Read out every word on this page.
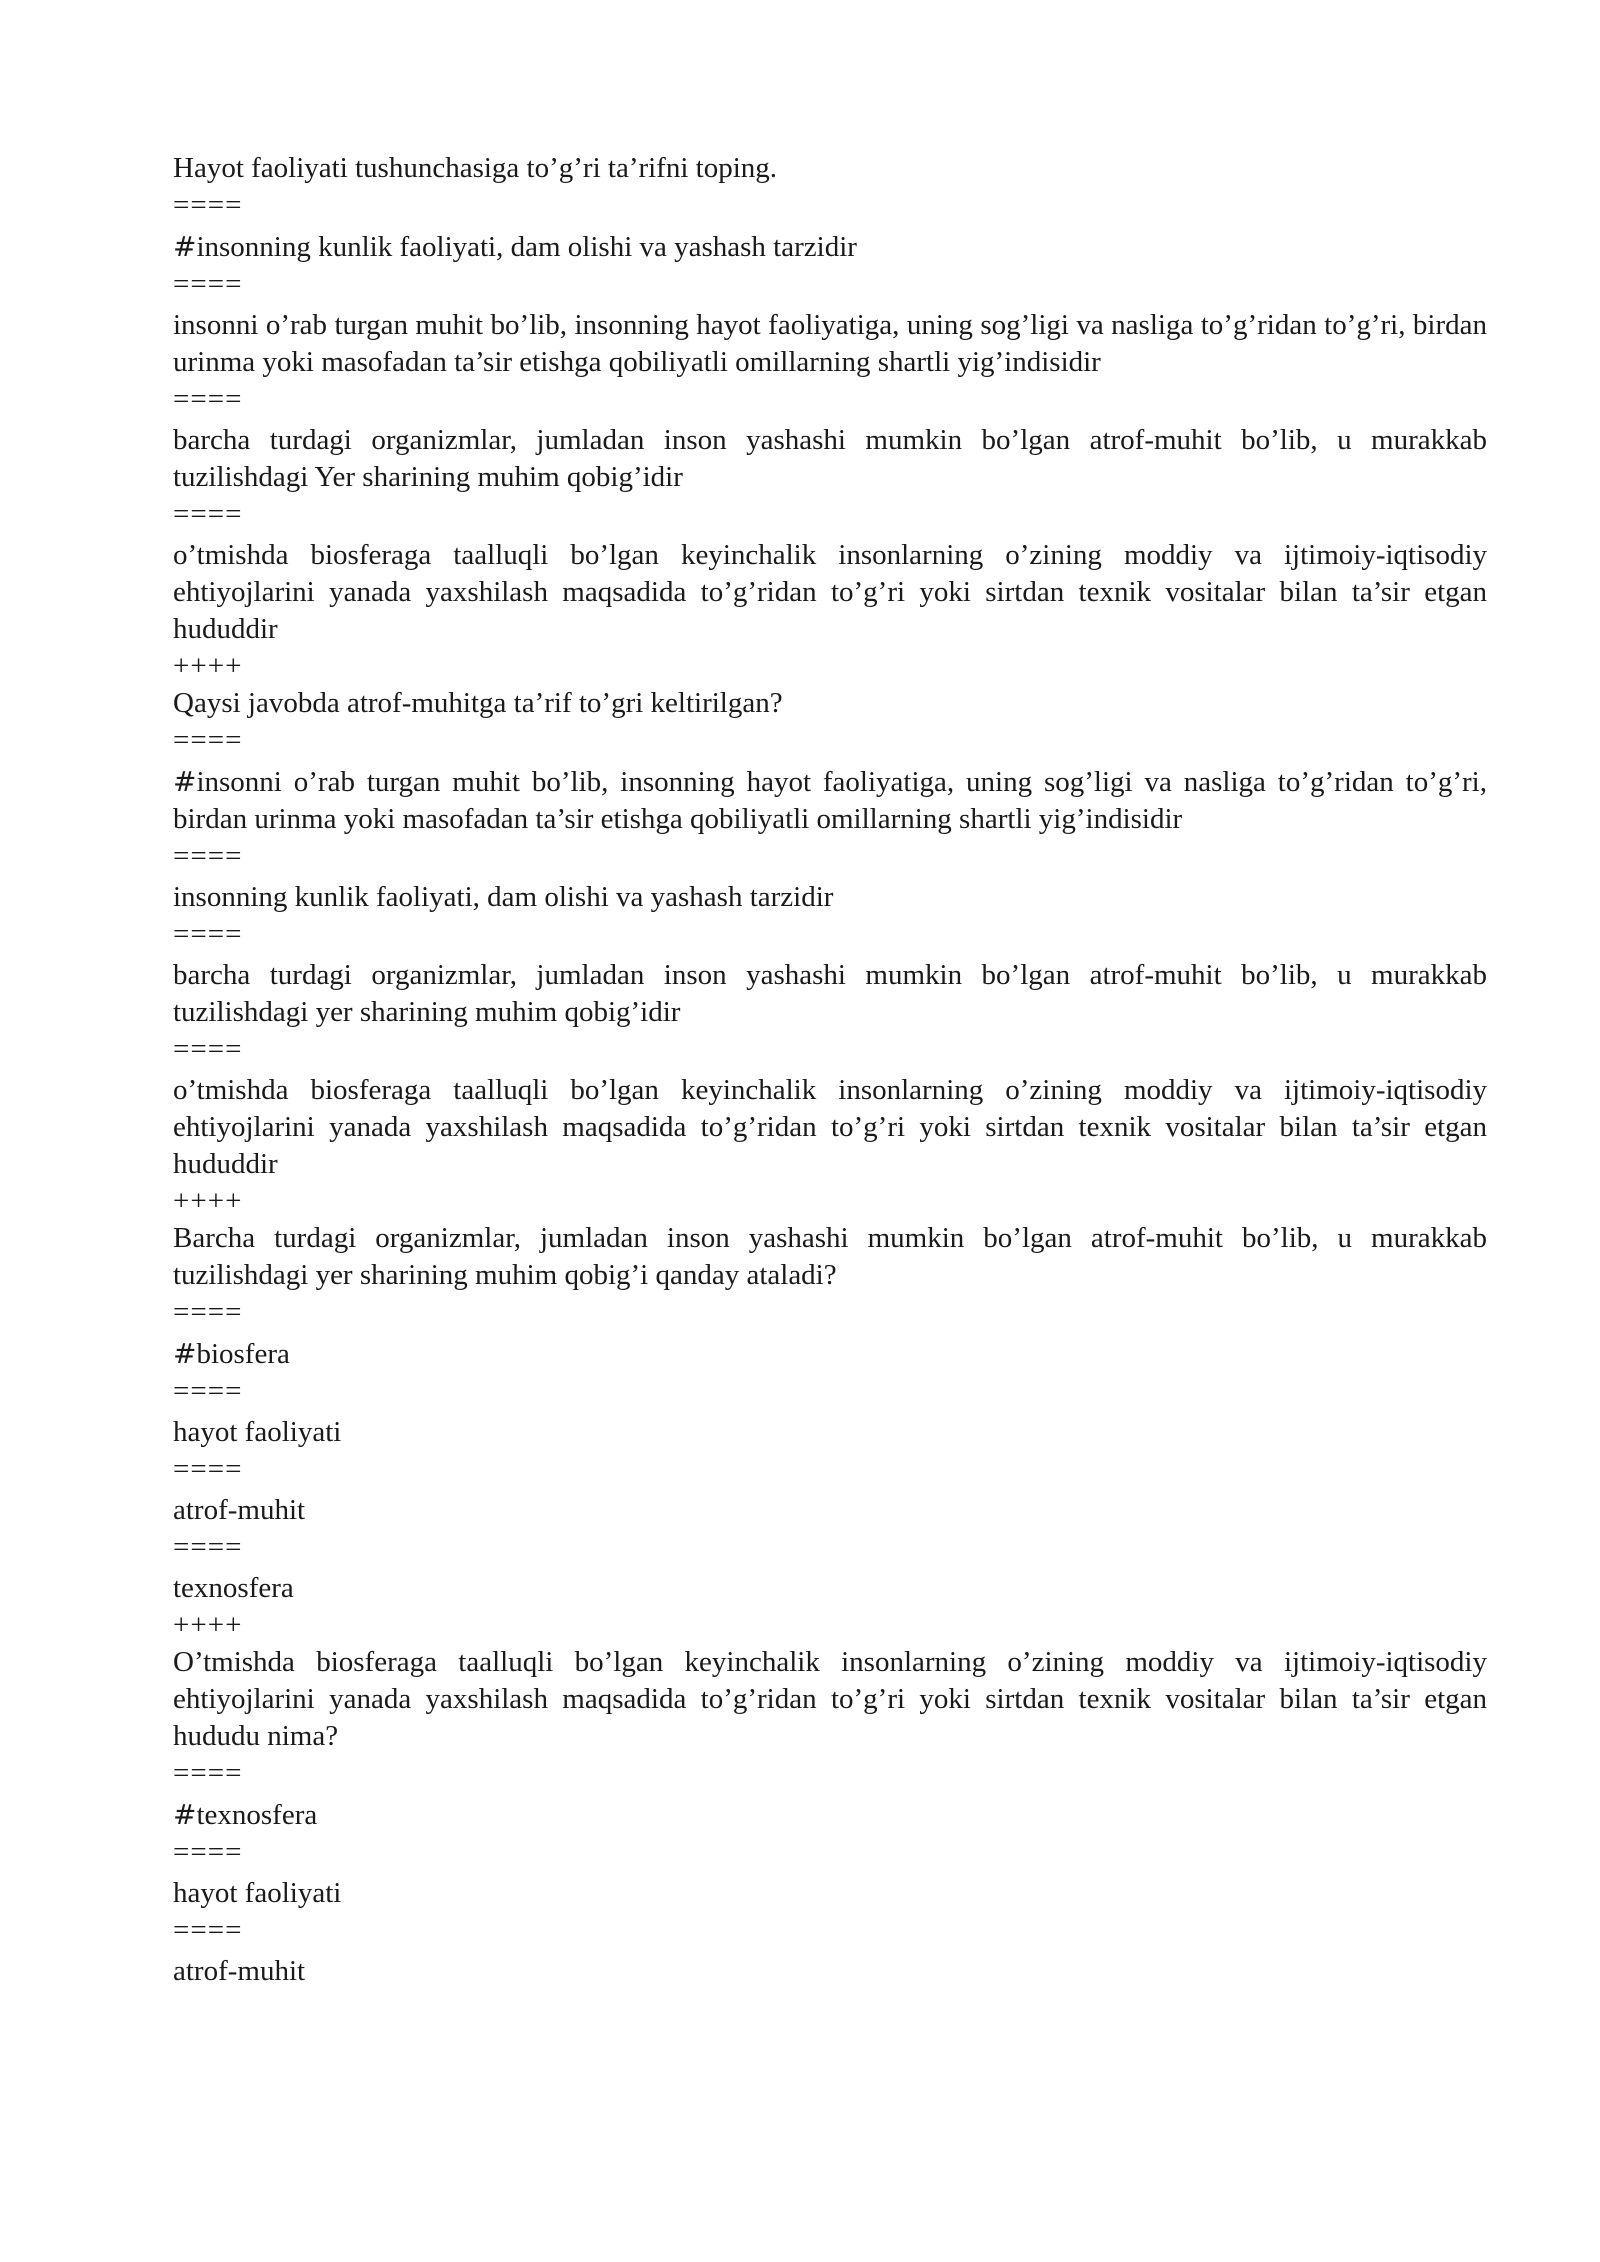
Hayot faoliyati tushunchasiga to’g’ri ta’rifni toping.

====

#insonning kunlik faoliyati, dam olishi va yashash tarzidir

====

insonni o’rab turgan muhit bo’lib, insonning hayot faoliyatiga, uning sog’ligi va nasliga to’g’ridan to’g’ri, birdan urinma yoki masofadan ta’sir etishga qobiliyatli omillarning shartli yig’indisidir

====

barcha turdagi organizmlar, jumladan inson yashashi mumkin bo’lgan atrof-muhit bo’lib, u murakkab tuzilishdagi Yer sharining muhim qobig’idir

====

o’tmishda biosferaga taalluqli bo’lgan keyinchalik insonlarning o’zining moddiy va ijtimoiy-iqtisodiy ehtiyojlarini yanada yaxshilash maqsadida to’g’ridan to’g’ri yoki sirtdan texnik vositalar bilan ta’sir etgan hududdir

++++

Qaysi javobda atrof-muhitga ta’rif to’gri keltirilgan?

====

#insonni o’rab turgan muhit bo’lib, insonning hayot faoliyatiga, uning sog’ligi va nasliga to’g’ridan to’g’ri, birdan urinma yoki masofadan ta’sir etishga qobiliyatli omillarning shartli yig’indisidir

====

insonning kunlik faoliyati, dam olishi va yashash tarzidir

====

barcha turdagi organizmlar, jumladan inson yashashi mumkin bo’lgan atrof-muhit bo’lib, u murakkab tuzilishdagi yer sharining muhim qobig’idir

====

o’tmishda biosferaga taalluqli bo’lgan keyinchalik insonlarning o’zining moddiy va ijtimoiy-iqtisodiy ehtiyojlarini yanada yaxshilash maqsadida to’g’ridan to’g’ri yoki sirtdan texnik vositalar bilan ta’sir etgan hududdir

++++

Barcha turdagi organizmlar, jumladan inson yashashi mumkin bo’lgan atrof-muhit bo’lib, u murakkab tuzilishdagi yer sharining muhim qobig’i qanday ataladi?

====

#biosfera

====

hayot faoliyati

====

atrof-muhit

====

texnosfera

++++

O’tmishda biosferaga taalluqli bo’lgan keyinchalik insonlarning o’zining moddiy va ijtimoiy-iqtisodiy ehtiyojlarini yanada yaxshilash maqsadida to’g’ridan to’g’ri yoki sirtdan texnik vositalar bilan ta’sir etgan hududu nima?

====

#texnosfera

====

hayot faoliyati

====

atrof-muhit
